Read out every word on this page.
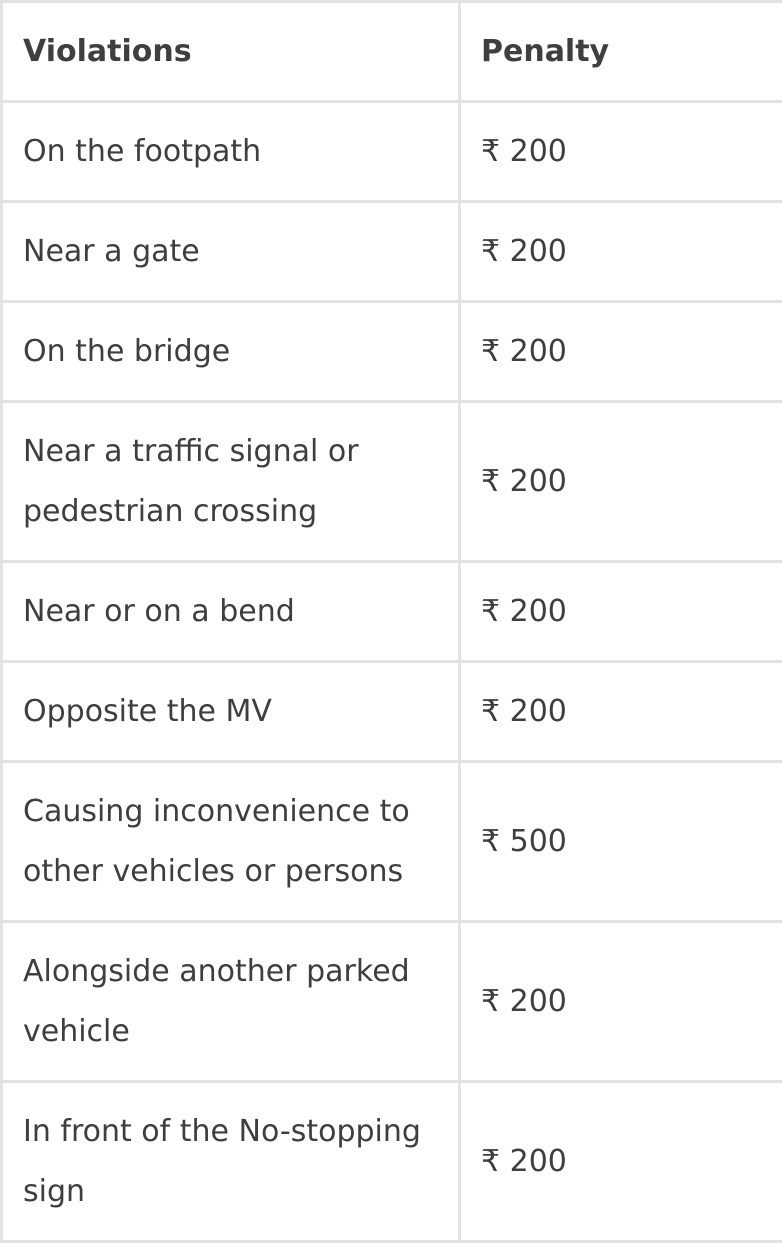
Violations	Penalty

On the footpath	₹ 200

Near a gate	₹ 200

On the bridge	₹ 200

Near a traffic signal or pedestrian crossing	₹ 200

Near or on a bend	₹ 200

Opposite the MV	₹ 200

Causing inconvenience to other vehicles or persons	₹ 500

Alongside another parked vehicle	₹ 200

In front of the No-stopping sign	₹ 200
